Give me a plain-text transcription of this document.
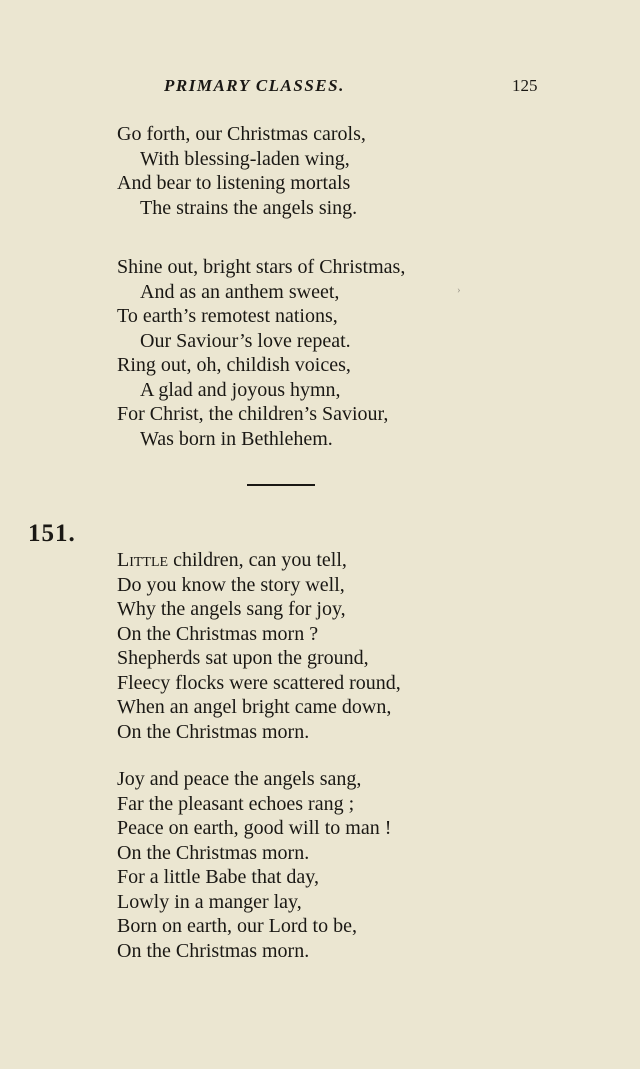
PRIMARY CLASSES.	125
Go forth, our Christmas carols,
With blessing-laden wing,
And bear to listening mortals
The strains the angels sing.
Shine out, bright stars of Christmas,
And as an anthem sweet,
To earth’s remotest nations,
Our Saviour’s love repeat.
Ring out, oh, childish voices,
A glad and joyous hymn,
For Christ, the children’s Saviour,
Was born in Bethlehem.
›
151.
Little children, can you tell,
Do you know the story well,
Why the angels sang for joy,
On the Christmas morn ?
Shepherds sat upon the ground,
Fleecy flocks were scattered round,
When an angel bright came down,
On the Christmas morn.
Joy and peace the angels sang,
Far the pleasant echoes rang ;
Peace on earth, good will to man !
On the Christmas morn.
For a little Babe that day,
Lowly in a manger lay,
Born on earth, our Lord to be,
On the Christmas morn.
